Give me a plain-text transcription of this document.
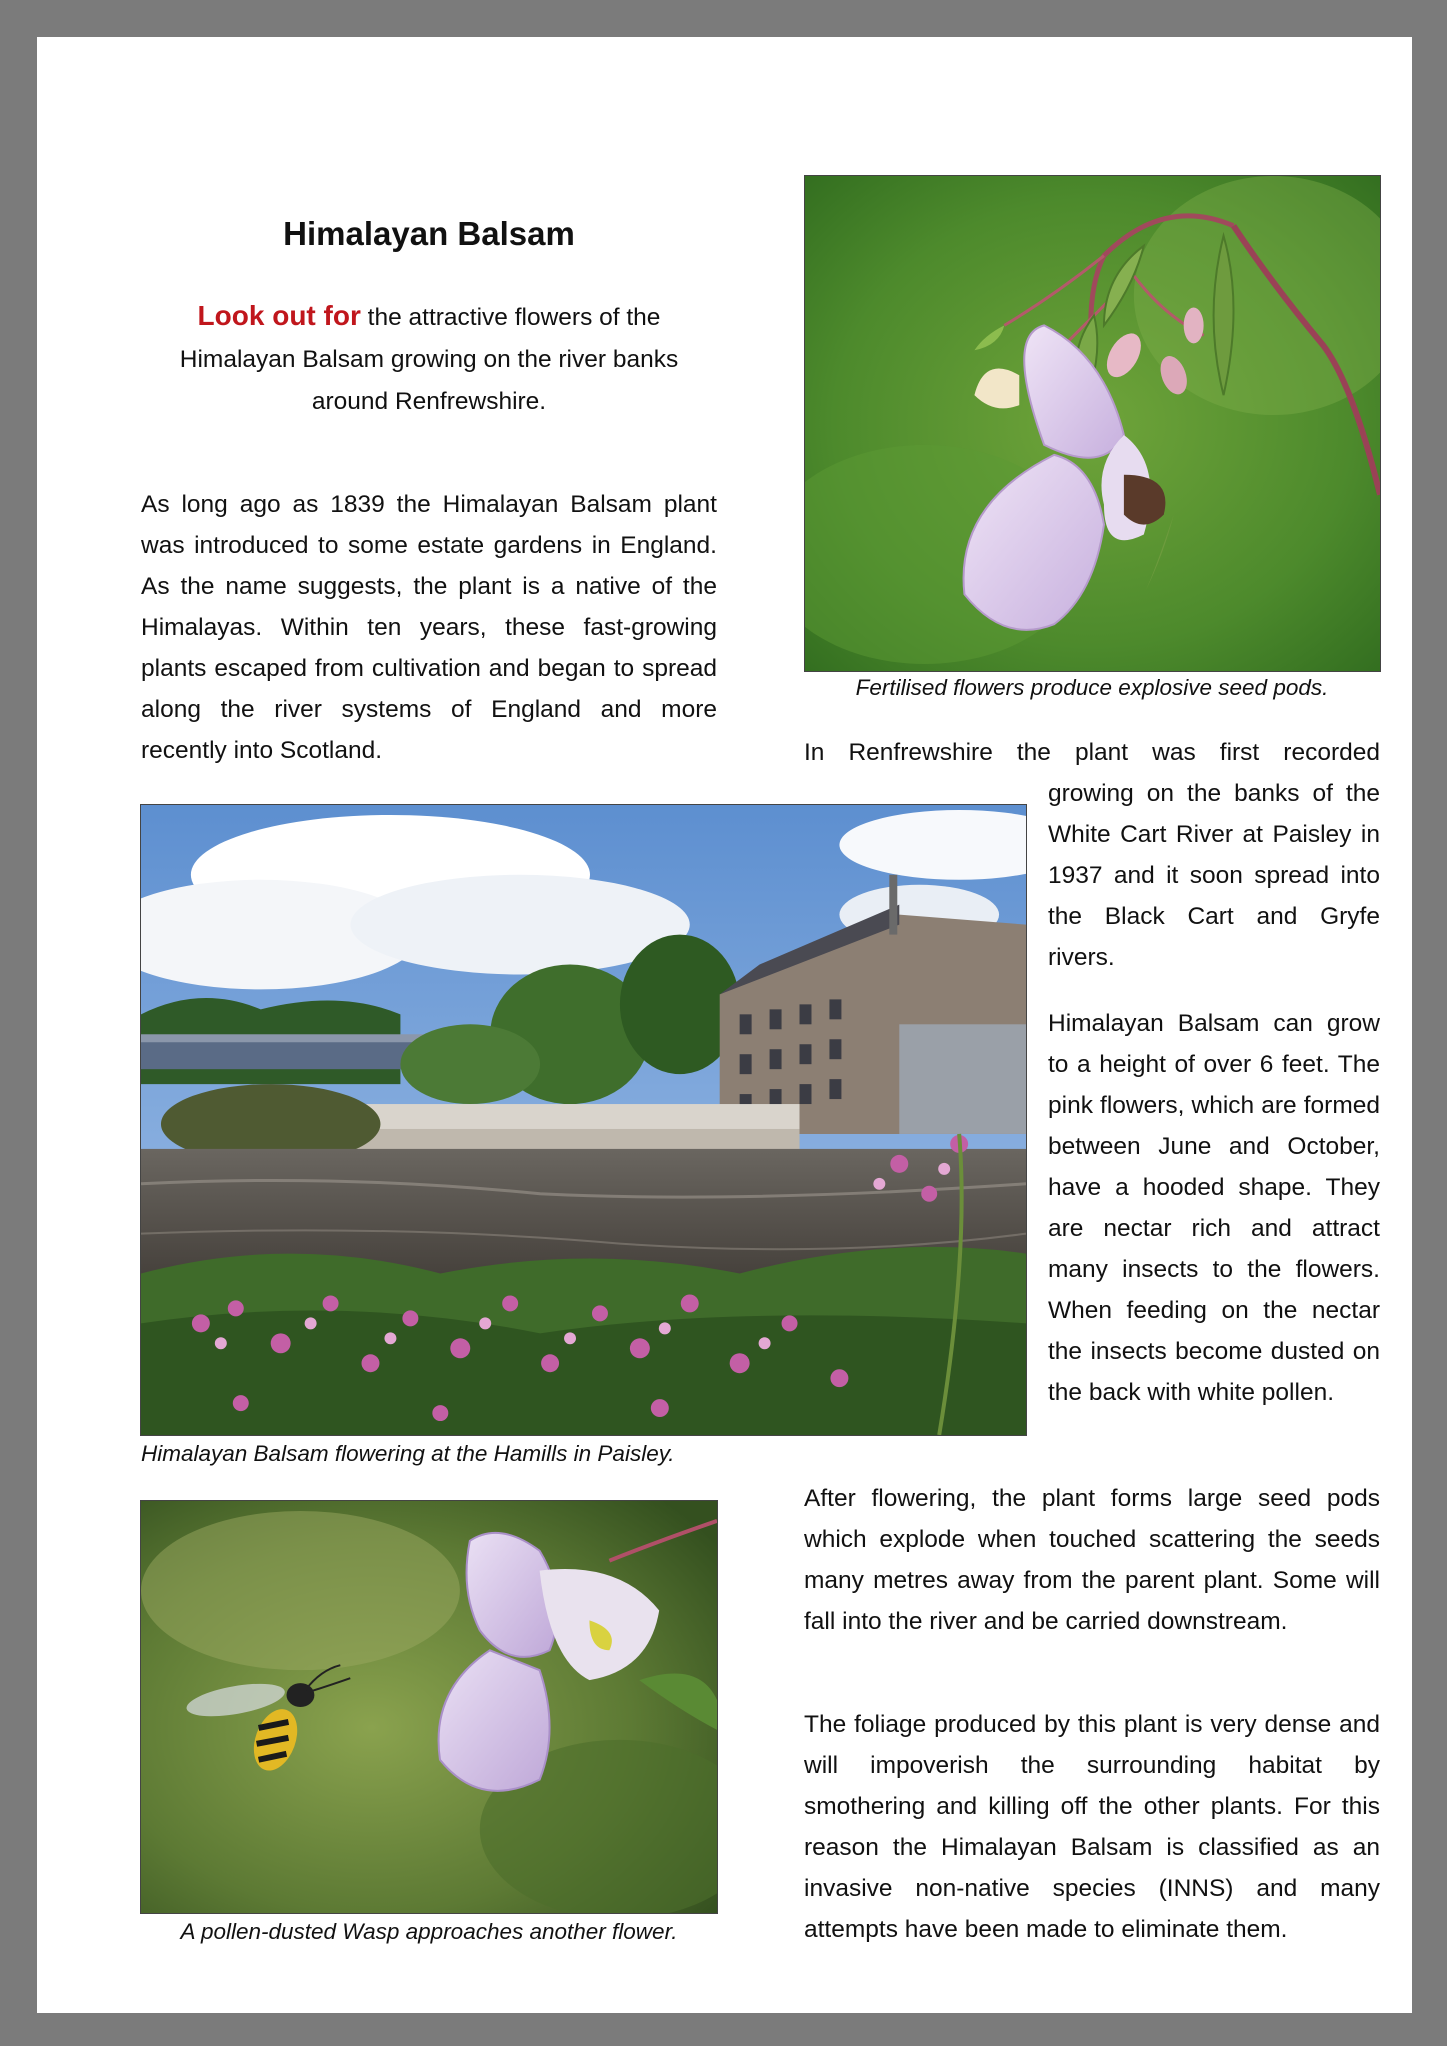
Himalayan Balsam
Look out for the attractive flowers of the Himalayan Balsam growing on the river banks around Renfrewshire.
As long ago as 1839 the Himalayan Balsam plant was introduced to some estate gardens in England. As the name suggests, the plant is a native of the Himalayas. Within ten years, these fast-growing plants escaped from cultivation and began to spread along the river systems of England and more recently into Scotland.
Fertilised flowers produce explosive seed pods.
In Renfrewshire the plant was first recorded
growing on the banks of the White Cart River at Paisley in 1937 and it soon spread into the Black Cart and Gryfe rivers.
Himalayan Balsam flowering at the Hamills in Paisley.
Himalayan Balsam can grow to a height of over 6 feet. The pink flowers, which are formed between June and October, have a hooded shape. They are nectar rich and attract many insects to the flowers. When feeding on the nectar the insects become dusted on the back with white pollen.
A pollen-dusted Wasp approaches another flower.
After flowering, the plant forms large seed pods which explode when touched scattering the seeds many metres away from the parent plant. Some will fall into the river and be carried downstream.
The foliage produced by this plant is very dense and will impoverish the surrounding habitat by smothering and killing off the other plants. For this reason the Himalayan Balsam is classified as an invasive non-native species (INNS) and many attempts have been made to eliminate them.
